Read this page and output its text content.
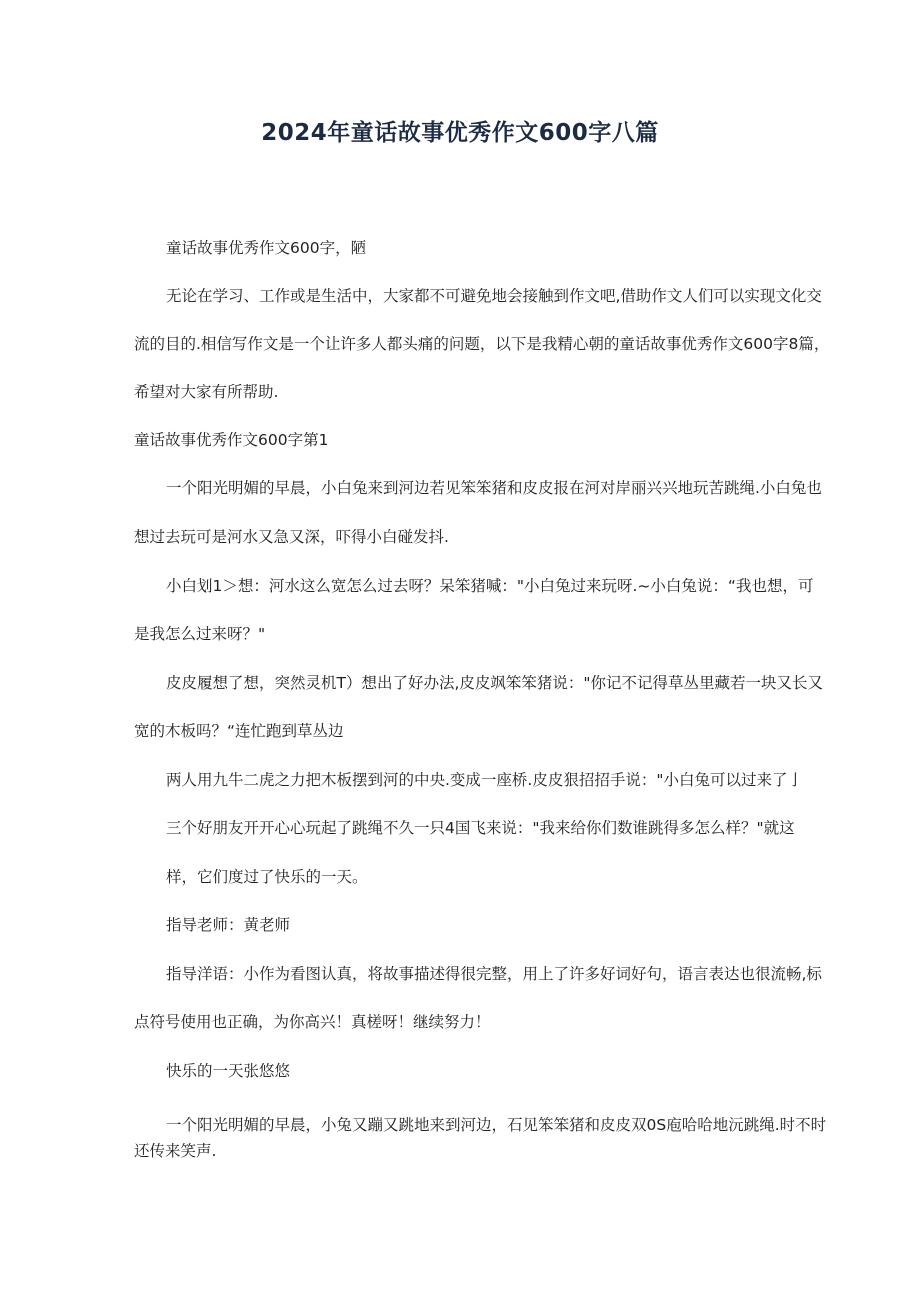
2024年童话故事优秀作文600字八篇
童话故事优秀作文600字，陋
无论在学习、工作或是生活中，大家都不可避免地会接触到作文吧,借助作文人们可以实现文化交
流的目的.相信写作文是一个让许多人都头痛的问题，以下是我精心朝的童话故事优秀作文600字8篇，
希望对大家有所帮助.
童话故事优秀作文600字第1
一个阳光明媚的早晨，小白兔来到河边若见笨笨猪和皮皮报在河对岸丽兴兴地玩苦跳绳.小白兔也
想过去玩可是河水又急又深，吓得小白碰发抖.
小白划1＞想：河水这么宽怎么过去呀？呆笨猪喊："小白兔过来玩呀.~小白兔说：“我也想，可
是我怎么过来呀？"
皮皮履想了想，突然灵机T）想出了好办法,皮皮飒笨笨猪说："你记不记得草丛里藏若一块又长又
宽的木板吗？“连忙跑到草丛边
两人用九牛二虎之力把木板摆到河的中央.变成一座桥.皮皮狠招招手说："小白兔可以过来了亅
三个好朋友开开心心玩起了跳绳不久一只4国飞来说："我来给你们数谁跳得多怎么样？"就这
样，它们度过了快乐的一天。
指导老师：黄老师
指导洋语：小作为看图认真，将故事描述得很完整，用上了许多好词好句，语言表达也很流畅,标
点符号使用也正确，为你高兴！真槎呀！继续努力！
快乐的一天张悠悠
一个阳光明媚的早晨，小兔又蹦又跳地来到河边，石见笨笨猪和皮皮双0S庖哈哈地沅跳绳.时不时
还传来笑声.
